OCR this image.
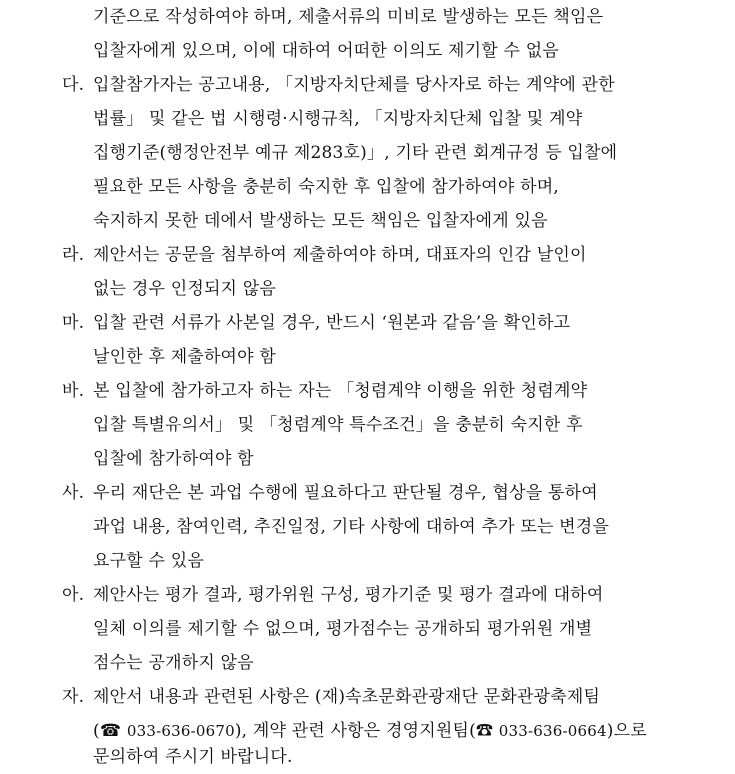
기준으로 작성하여야 하며, 제출서류의 미비로 발생하는 모든 책임은
입찰자에게 있으며, 이에 대하여 어떠한 이의도 제기할 수 없음
다. 입찰참가자는 공고내용, 「지방자치단체를 당사자로 하는 계약에 관한
법률」 및 같은 법 시행령·시행규칙, 「지방자치단체 입찰 및 계약
집행기준(행정안전부 예규 제283호)」, 기타 관련 회계규정 등 입찰에
필요한 모든 사항을 충분히 숙지한 후 입찰에 참가하여야 하며,
숙지하지 못한 데에서 발생하는 모든 책임은 입찰자에게 있음
라. 제안서는 공문을 첨부하여 제출하여야 하며, 대표자의 인감 날인이
없는 경우 인정되지 않음
마. 입찰 관련 서류가 사본일 경우, 반드시 ‘원본과 같음’을 확인하고
날인한 후 제출하여야 함
바. 본 입찰에 참가하고자 하는 자는 「청렴계약 이행을 위한 청렴계약
입찰 특별유의서」 및 「청렴계약 특수조건」을 충분히 숙지한 후
입찰에 참가하여야 함
사. 우리 재단은 본 과업 수행에 필요하다고 판단될 경우, 협상을 통하여
과업 내용, 참여인력, 추진일정, 기타 사항에 대하여 추가 또는 변경을
요구할 수 있음
아. 제안사는 평가 결과, 평가위원 구성, 평가기준 및 평가 결과에 대하여
일체 이의를 제기할 수 없으며, 평가점수는 공개하되 평가위원 개별
점수는 공개하지 않음
자. 제안서 내용과 관련된 사항은 (재)속초문화관광재단 문화관광축제팀
(☎ 033-636-0670), 계약 관련 사항은 경영지원팀(☎ 033-636-0664)으로
문의하여 주시기 바랍니다.
